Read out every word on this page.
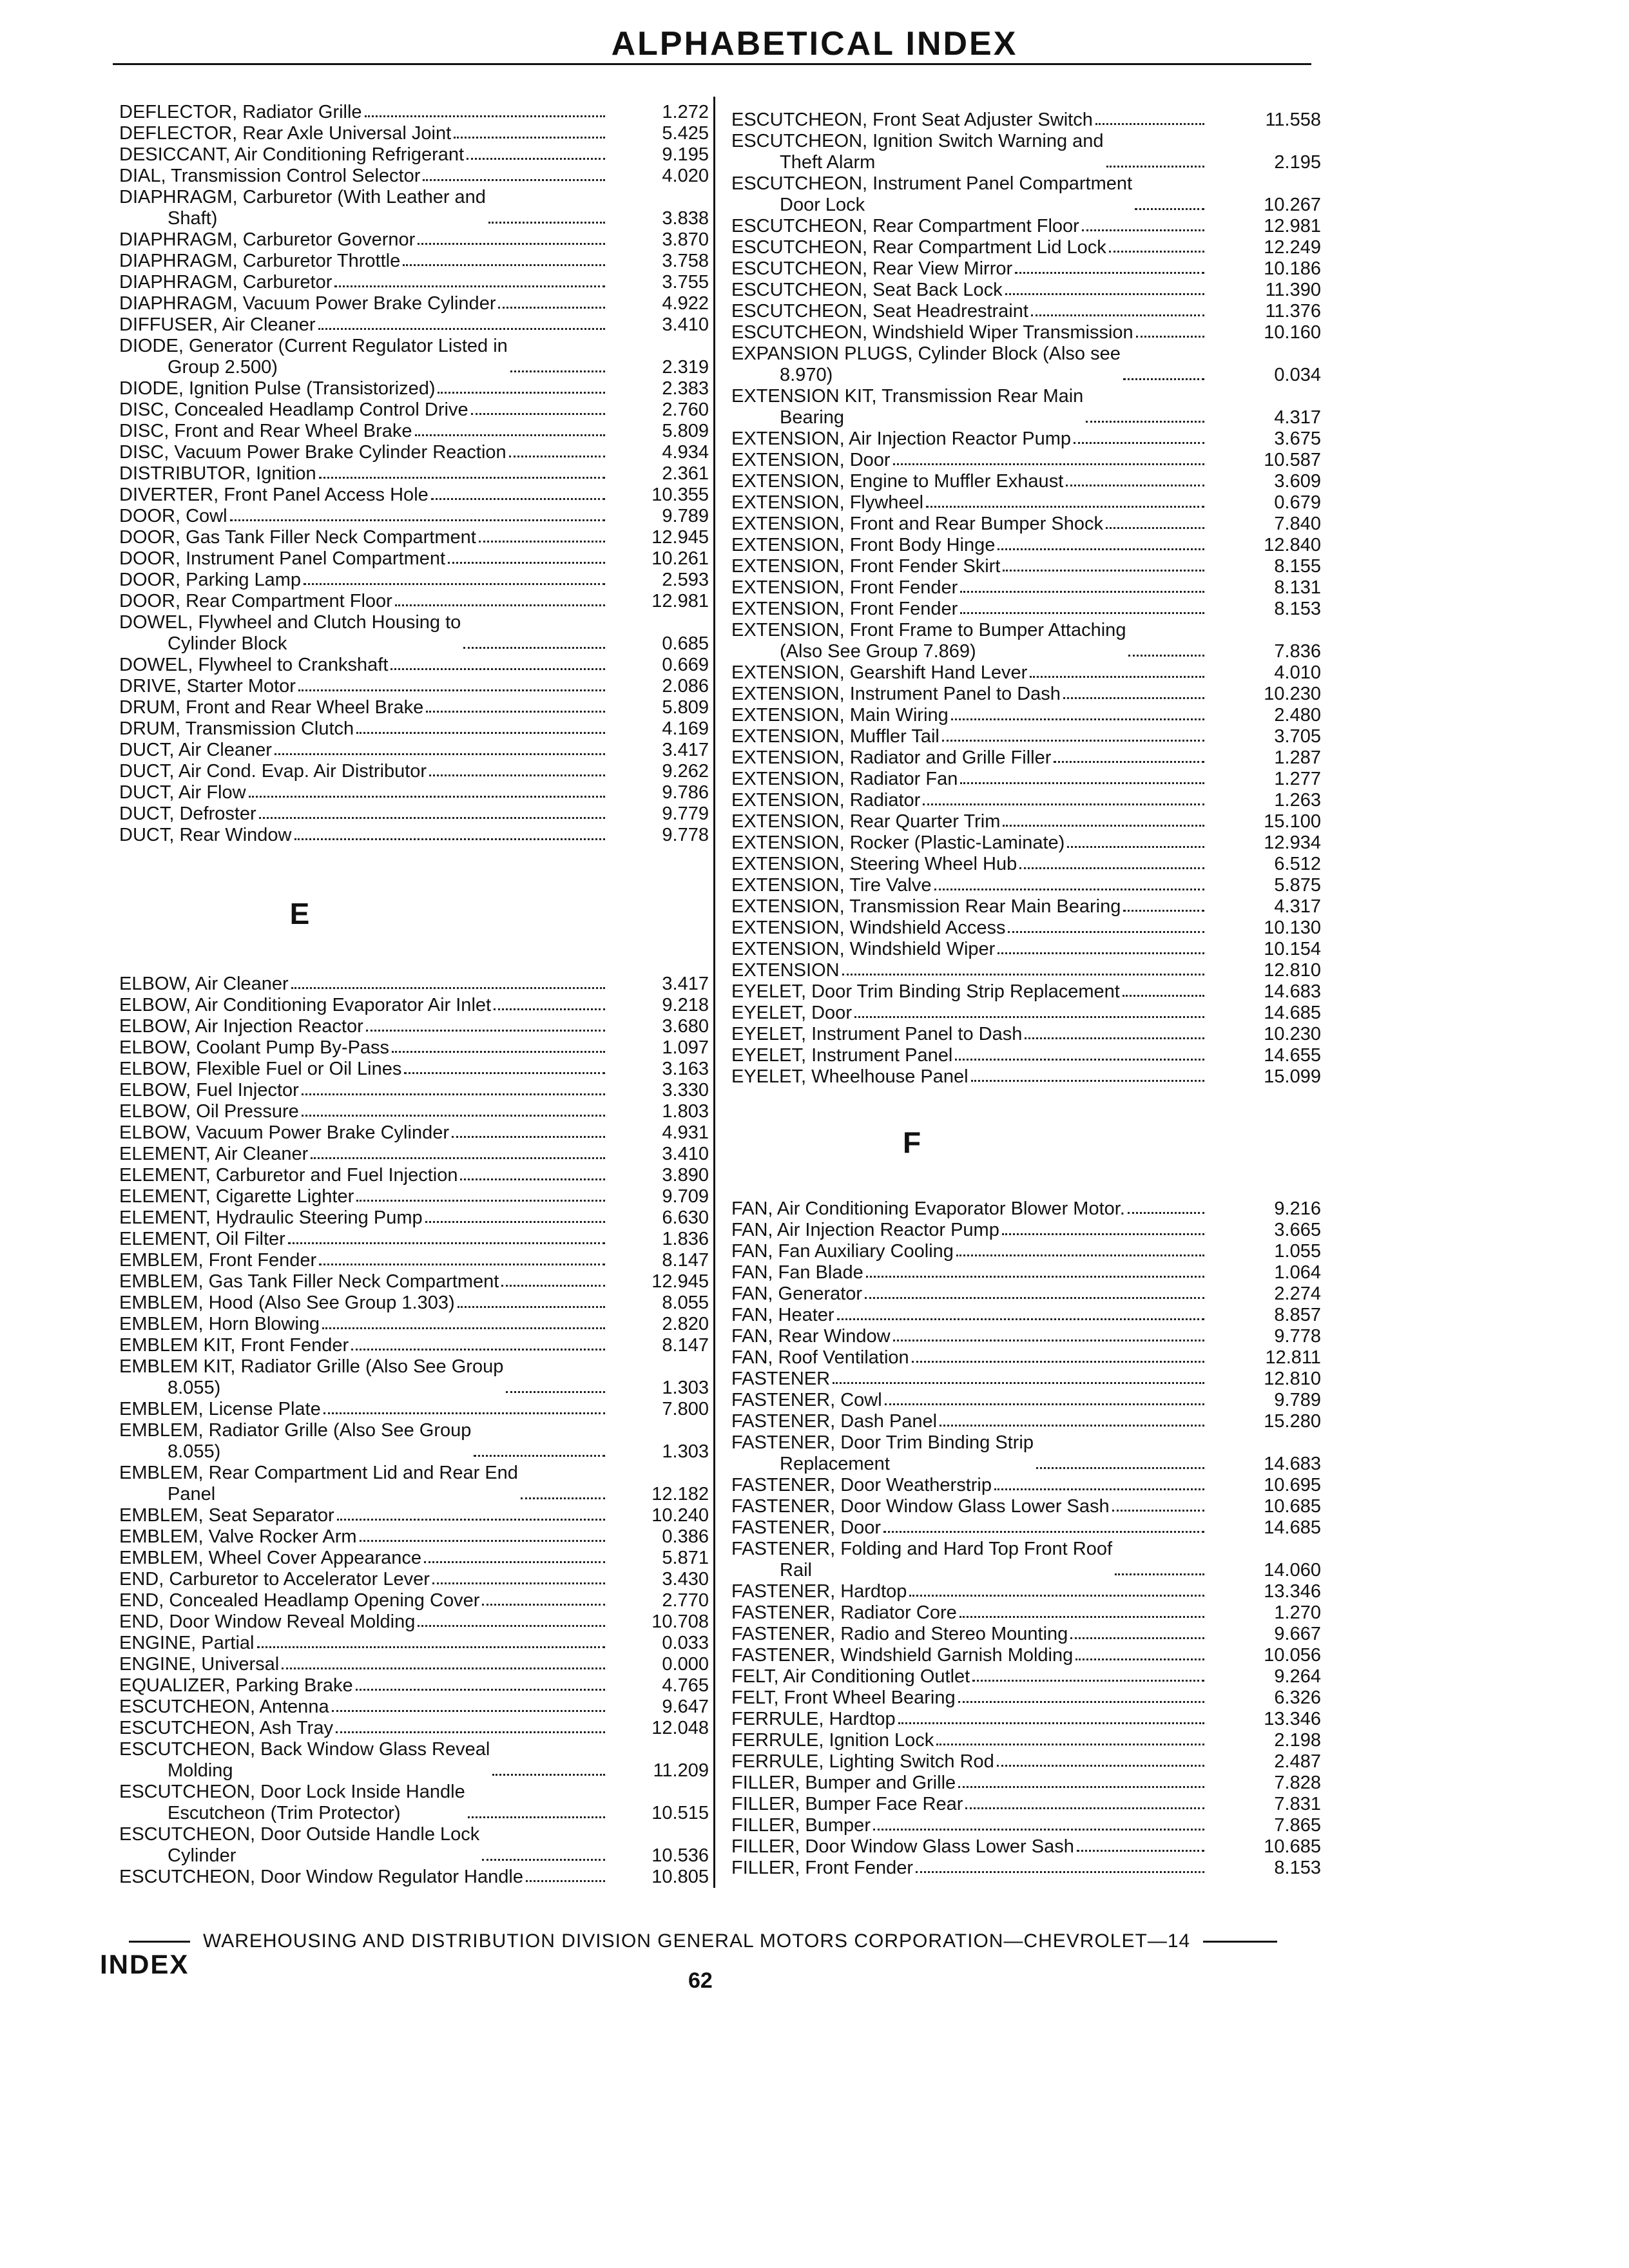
ALPHABETICAL INDEX
DEFLECTOR, Radiator Grille	1.272
DEFLECTOR, Rear Axle Universal Joint	5.425
DESICCANT, Air Conditioning Refrigerant	9.195
DIAL, Transmission Control Selector	4.020
DIAPHRAGM, Carburetor (With Leather and
Shaft)	3.838
DIAPHRAGM, Carburetor Governor	3.870
DIAPHRAGM, Carburetor Throttle	3.758
DIAPHRAGM, Carburetor	3.755
DIAPHRAGM, Vacuum Power Brake Cylinder	4.922
DIFFUSER, Air Cleaner	3.410
DIODE, Generator (Current Regulator Listed in
Group 2.500)	2.319
DIODE, Ignition Pulse (Transistorized)	2.383
DISC, Concealed Headlamp Control Drive	2.760
DISC, Front and Rear Wheel Brake	5.809
DISC, Vacuum Power Brake Cylinder Reaction	4.934
DISTRIBUTOR, Ignition	2.361
DIVERTER, Front Panel Access Hole	10.355
DOOR, Cowl	9.789
DOOR, Gas Tank Filler Neck Compartment	12.945
DOOR, Instrument Panel Compartment	10.261
DOOR, Parking Lamp	2.593
DOOR, Rear Compartment Floor	12.981
DOWEL, Flywheel and Clutch Housing to
Cylinder Block	0.685
DOWEL, Flywheel to Crankshaft	0.669
DRIVE, Starter Motor	2.086
DRUM, Front and Rear Wheel Brake	5.809
DRUM, Transmission Clutch	4.169
DUCT, Air Cleaner	3.417
DUCT, Air Cond. Evap. Air Distributor	9.262
DUCT, Air Flow	9.786
DUCT, Defroster	9.779
DUCT, Rear Window	9.778
E
ELBOW, Air Cleaner	3.417
ELBOW, Air Conditioning Evaporator Air Inlet	9.218
ELBOW, Air Injection Reactor	3.680
ELBOW, Coolant Pump By-Pass	1.097
ELBOW, Flexible Fuel or Oil Lines	3.163
ELBOW, Fuel Injector	3.330
ELBOW, Oil Pressure	1.803
ELBOW, Vacuum Power Brake Cylinder	4.931
ELEMENT, Air Cleaner	3.410
ELEMENT, Carburetor and Fuel Injection	3.890
ELEMENT, Cigarette Lighter	9.709
ELEMENT, Hydraulic Steering Pump	6.630
ELEMENT, Oil Filter	1.836
EMBLEM, Front Fender	8.147
EMBLEM, Gas Tank Filler Neck Compartment	12.945
EMBLEM, Hood (Also See Group 1.303)	8.055
EMBLEM, Horn Blowing	2.820
EMBLEM KIT, Front Fender	8.147
EMBLEM KIT, Radiator Grille (Also See Group
8.055)	1.303
EMBLEM, License Plate	7.800
EMBLEM, Radiator Grille (Also See Group
8.055)	1.303
EMBLEM, Rear Compartment Lid and Rear End
Panel	12.182
EMBLEM, Seat Separator	10.240
EMBLEM, Valve Rocker Arm	0.386
EMBLEM, Wheel Cover Appearance	5.871
END, Carburetor to Accelerator Lever	3.430
END, Concealed Headlamp Opening Cover	2.770
END, Door Window Reveal Molding	10.708
ENGINE, Partial	0.033
ENGINE, Universal	0.000
EQUALIZER, Parking Brake	4.765
ESCUTCHEON, Antenna	9.647
ESCUTCHEON, Ash Tray	12.048
ESCUTCHEON, Back Window Glass Reveal
Molding	11.209
ESCUTCHEON, Door Lock Inside Handle
Escutcheon (Trim Protector)	10.515
ESCUTCHEON, Door Outside Handle Lock
Cylinder	10.536
ESCUTCHEON, Door Window Regulator Handle	10.805
ESCUTCHEON, Front Seat Adjuster Switch	11.558
ESCUTCHEON, Ignition Switch Warning and
Theft Alarm	2.195
ESCUTCHEON, Instrument Panel Compartment
Door Lock	10.267
ESCUTCHEON, Rear Compartment Floor	12.981
ESCUTCHEON, Rear Compartment Lid Lock	12.249
ESCUTCHEON, Rear View Mirror	10.186
ESCUTCHEON, Seat Back Lock	11.390
ESCUTCHEON, Seat Headrestraint	11.376
ESCUTCHEON, Windshield Wiper Transmission	10.160
EXPANSION PLUGS, Cylinder Block (Also see
8.970)	0.034
EXTENSION KIT, Transmission Rear Main
Bearing	4.317
EXTENSION, Air Injection Reactor Pump	3.675
EXTENSION, Door	10.587
EXTENSION, Engine to Muffler Exhaust	3.609
EXTENSION, Flywheel	0.679
EXTENSION, Front and Rear Bumper Shock	7.840
EXTENSION, Front Body Hinge	12.840
EXTENSION, Front Fender Skirt	8.155
EXTENSION, Front Fender	8.131
EXTENSION, Front Fender	8.153
EXTENSION, Front Frame to Bumper Attaching
(Also See Group 7.869)	7.836
EXTENSION, Gearshift Hand Lever	4.010
EXTENSION, Instrument Panel to Dash	10.230
EXTENSION, Main Wiring	2.480
EXTENSION, Muffler Tail	3.705
EXTENSION, Radiator and Grille Filler	1.287
EXTENSION, Radiator Fan	1.277
EXTENSION, Radiator	1.263
EXTENSION, Rear Quarter Trim	15.100
EXTENSION, Rocker (Plastic-Laminate)	12.934
EXTENSION, Steering Wheel Hub	6.512
EXTENSION, Tire Valve	5.875
EXTENSION, Transmission Rear Main Bearing	4.317
EXTENSION, Windshield Access	10.130
EXTENSION, Windshield Wiper	10.154
EXTENSION	12.810
EYELET, Door Trim Binding Strip Replacement	14.683
EYELET, Door	14.685
EYELET, Instrument Panel to Dash	10.230
EYELET, Instrument Panel	14.655
EYELET, Wheelhouse Panel	15.099
F
FAN, Air Conditioning Evaporator Blower Motor.	9.216
FAN, Air Injection Reactor Pump	3.665
FAN, Fan Auxiliary Cooling	1.055
FAN, Fan Blade	1.064
FAN, Generator	2.274
FAN, Heater	8.857
FAN, Rear Window	9.778
FAN, Roof Ventilation	12.811
FASTENER	12.810
FASTENER, Cowl	9.789
FASTENER, Dash Panel	15.280
FASTENER, Door Trim Binding Strip
Replacement	14.683
FASTENER, Door Weatherstrip	10.695
FASTENER, Door Window Glass Lower Sash	10.685
FASTENER, Door	14.685
FASTENER, Folding and Hard Top Front Roof
Rail	14.060
FASTENER, Hardtop	13.346
FASTENER, Radiator Core	1.270
FASTENER, Radio and Stereo Mounting	9.667
FASTENER, Windshield Garnish Molding	10.056
FELT, Air Conditioning Outlet	9.264
FELT, Front Wheel Bearing	6.326
FERRULE, Hardtop	13.346
FERRULE, Ignition Lock	2.198
FERRULE, Lighting Switch Rod	2.487
FILLER, Bumper and Grille	7.828
FILLER, Bumper Face Rear	7.831
FILLER, Bumper	7.865
FILLER, Door Window Glass Lower Sash	10.685
FILLER, Front Fender	8.153
WAREHOUSING AND DISTRIBUTION DIVISION GENERAL MOTORS CORPORATION—CHEVROLET—14
INDEX
62
